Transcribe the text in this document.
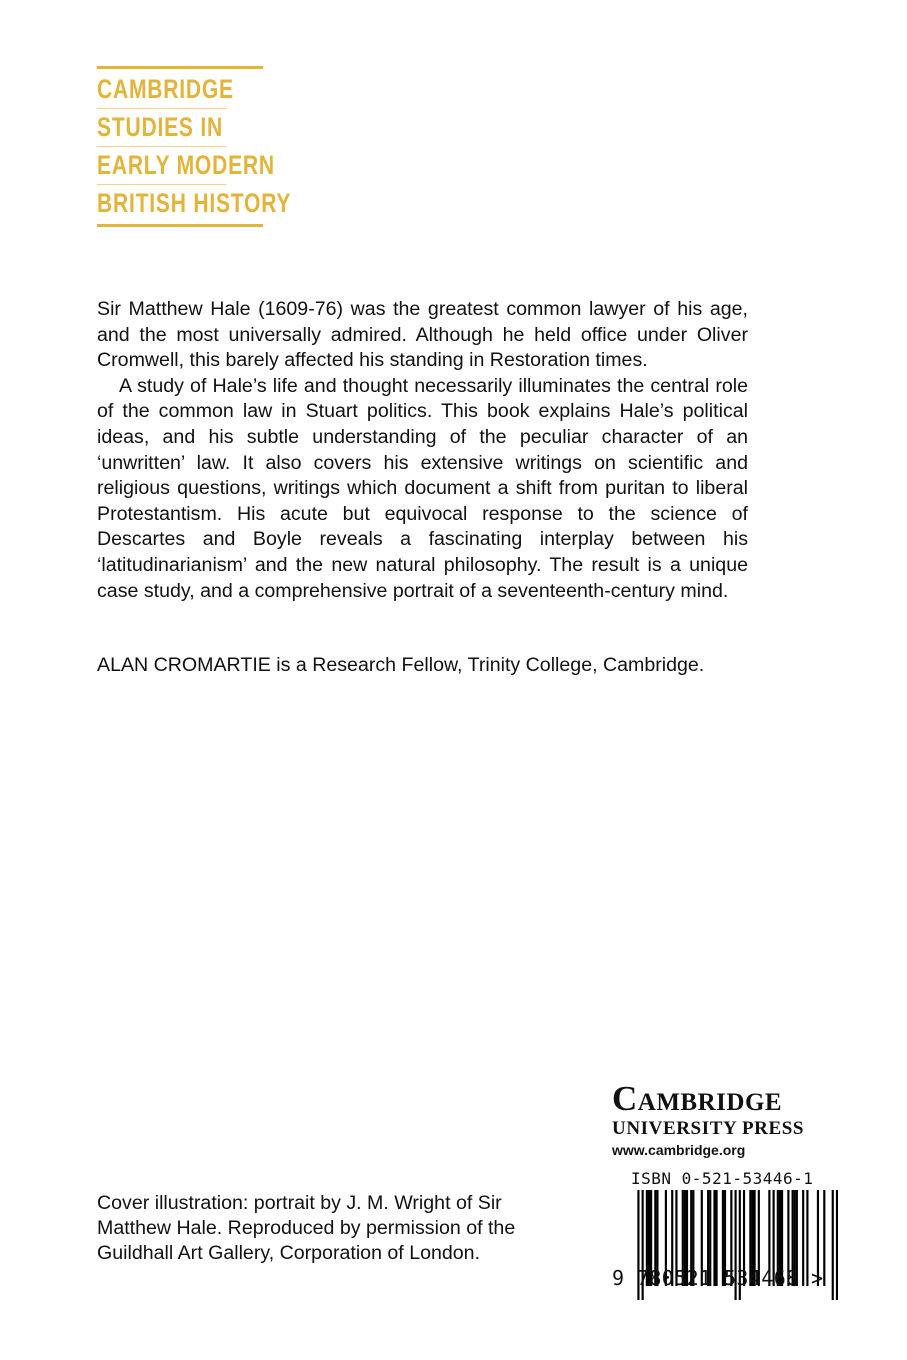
CAMBRIDGE
STUDIES IN
EARLY MODERN
BRITISH HISTORY

Sir Matthew Hale (1609-76) was the greatest common lawyer of his age, and the most universally admired. Although he held office under Oliver Cromwell, this barely affected his standing in Restoration times.

A study of Hale’s life and thought necessarily illuminates the central role of the common law in Stuart politics. This book explains Hale’s political ideas, and his subtle understanding of the peculiar character of an ‘unwritten’ law. It also covers his extensive writings on scientific and religious questions, writings which document a shift from puritan to liberal Protestantism. His acute but equivocal response to the science of Descartes and Boyle reveals a fascinating interplay between his ‘latitudinarianism’ and the new natural philosophy. The result is a unique case study, and a comprehensive portrait of a seventeenth-century mind.

ALAN CROMARTIE is a Research Fellow, Trinity College, Cambridge.
Cover illustration: portrait by J. M. Wright of Sir Matthew Hale. Reproduced by permission of the Guildhall Art Gallery, Corporation of London.
Cambridge
UNIVERSITY PRESS
www.cambridge.org
ISBN 0-521-53446-1
9 780521 534468 >
